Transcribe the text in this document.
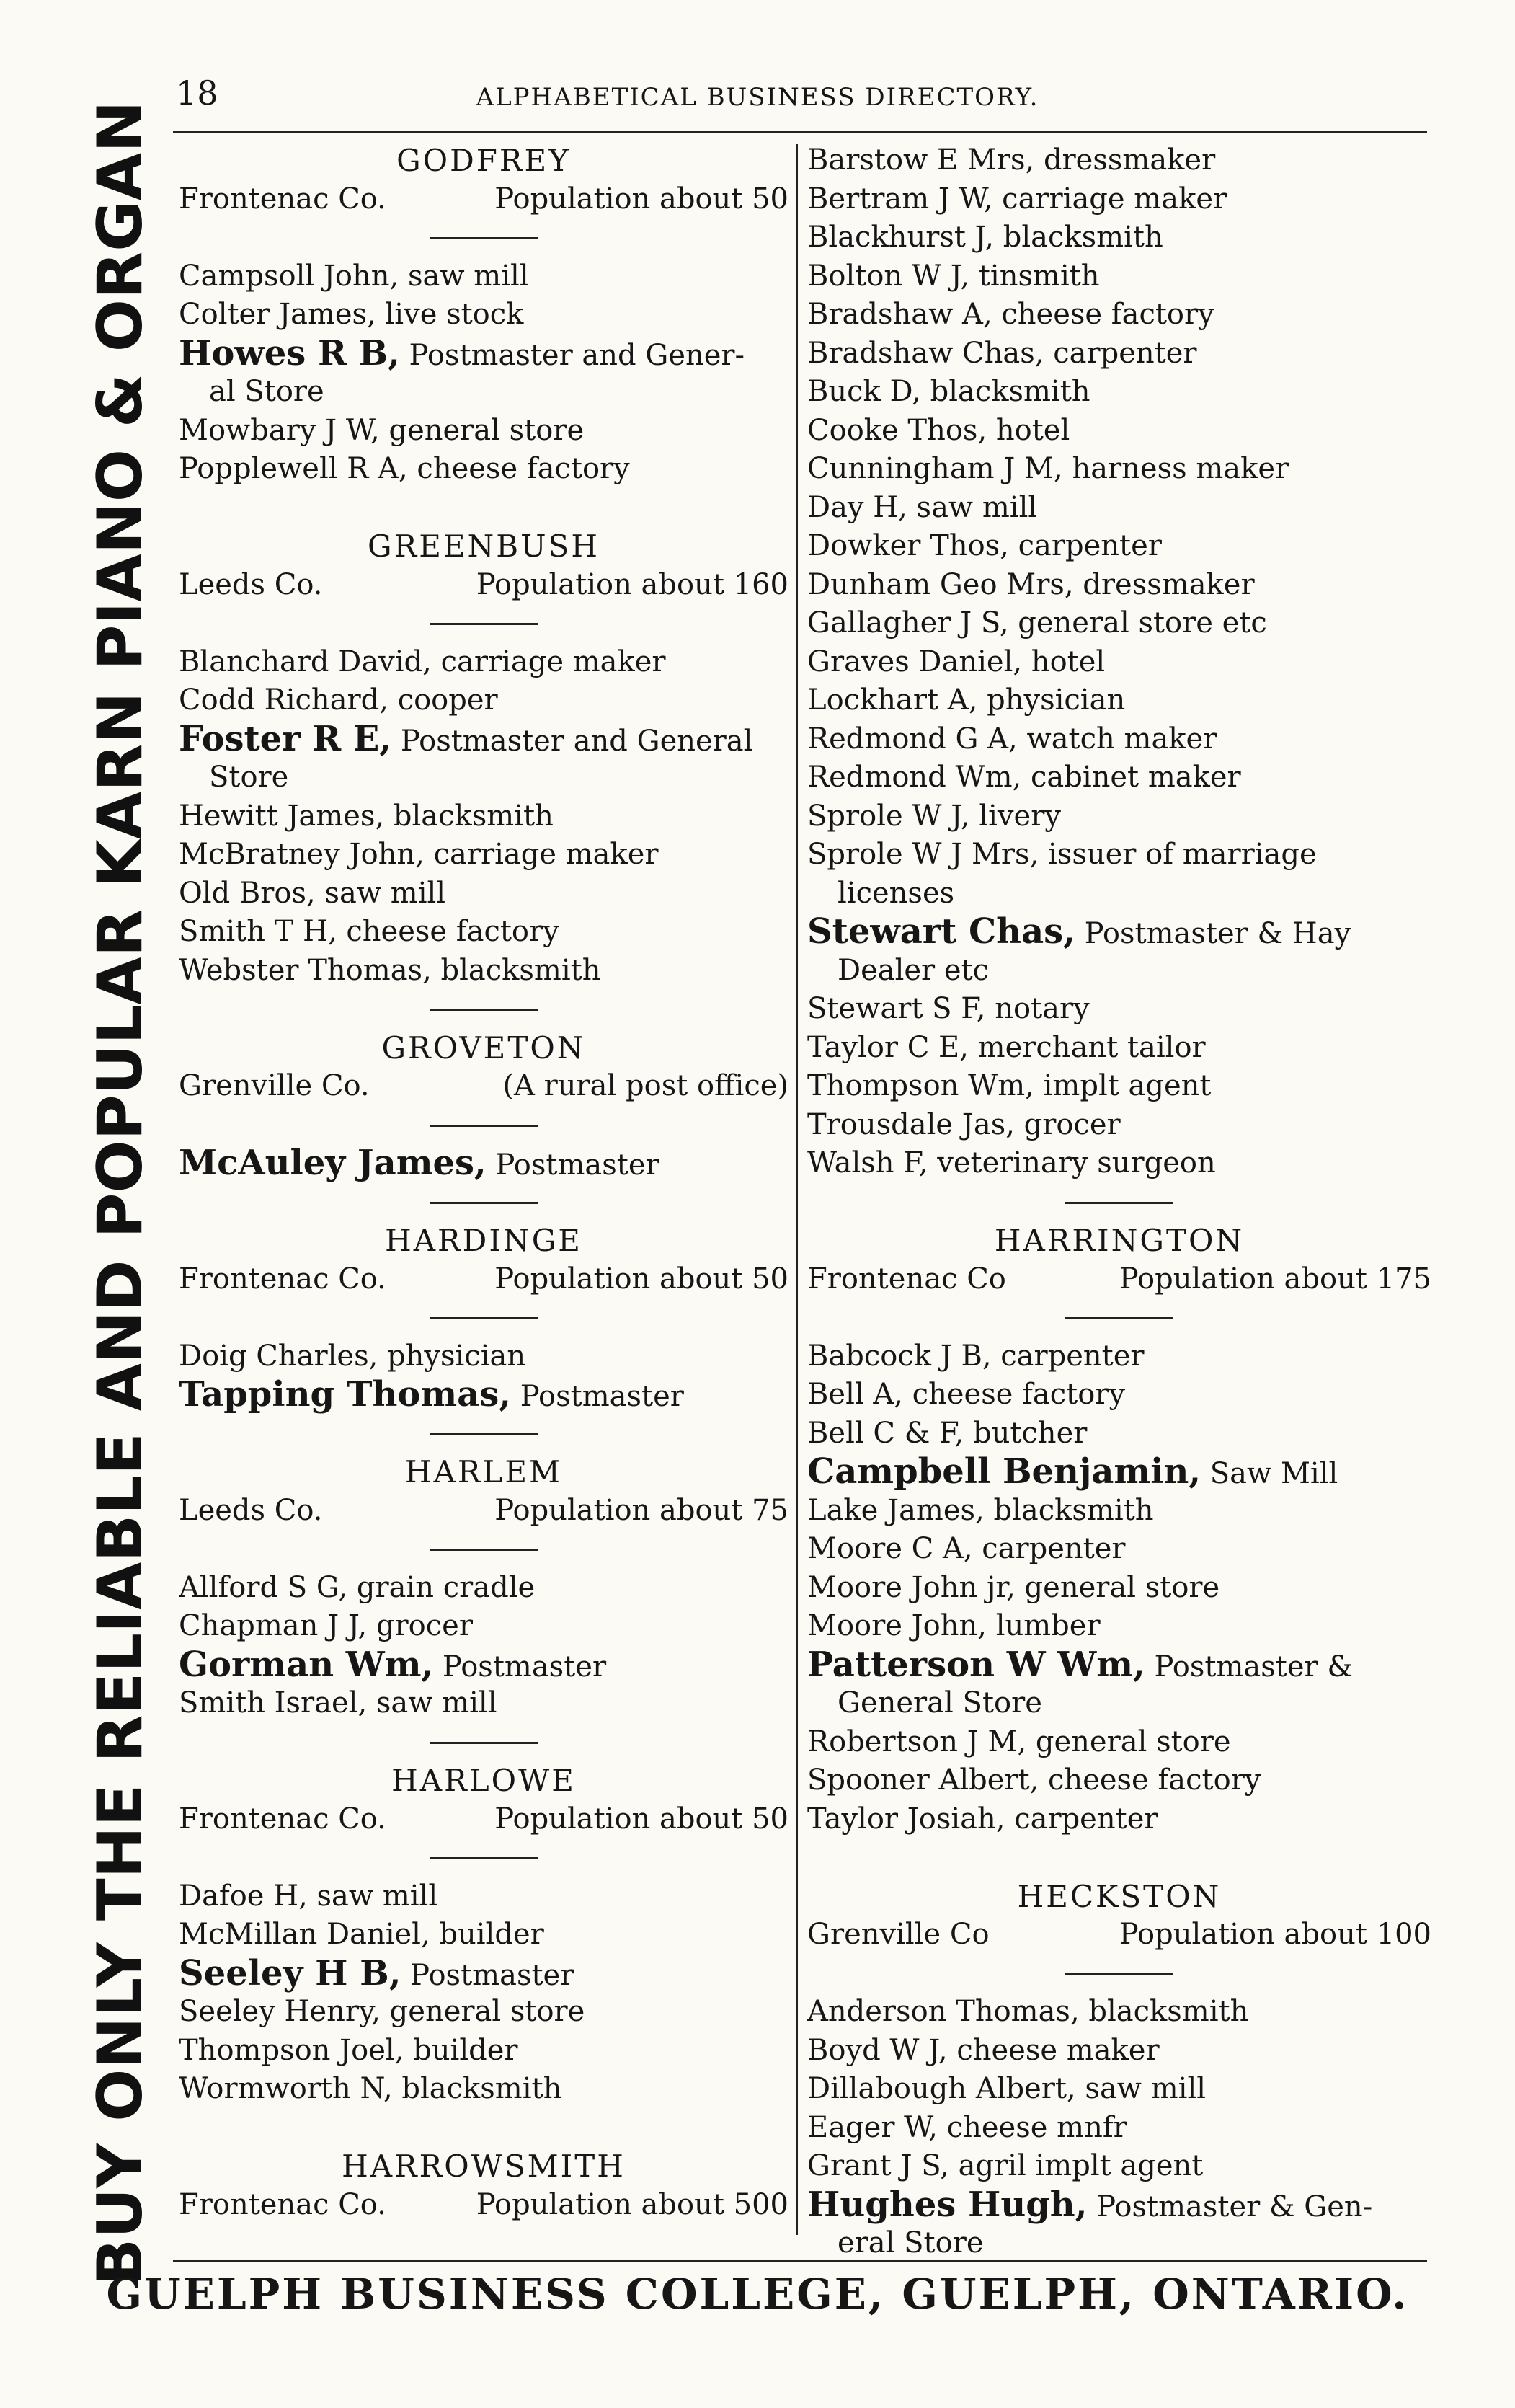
BUY ONLY THE RELIABLE AND POPULAR KARN PIANO & ORGAN
18	ALPHABETICAL BUSINESS DIRECTORY.
GODFREY
Frontenac Co.	Population about 50
Campsoll John, saw mill
Colter James, live stock
Howes R B, Postmaster and Gener-
al Store
Mowbary J W, general store
Popplewell R A, cheese factory
GREENBUSH
Leeds Co.	Population about 160
Blanchard David, carriage maker
Codd Richard, cooper
Foster R E, Postmaster and General
Store
Hewitt James, blacksmith
McBratney John, carriage maker
Old Bros, saw mill
Smith T H, cheese factory
Webster Thomas, blacksmith
GROVETON
Grenville Co.	(A rural post office)
McAuley James, Postmaster
HARDINGE
Frontenac Co.	Population about 50
Doig Charles, physician
Tapping Thomas, Postmaster
HARLEM
Leeds Co.	Population about 75
Allford S G, grain cradle
Chapman J J, grocer
Gorman Wm, Postmaster
Smith Israel, saw mill
HARLOWE
Frontenac Co.	Population about 50
Dafoe H, saw mill
McMillan Daniel, builder
Seeley H B, Postmaster
Seeley Henry, general store
Thompson Joel, builder
Wormworth N, blacksmith
HARROWSMITH
Frontenac Co.	Population about 500
Barstow E Mrs, dressmaker
Bertram J W, carriage maker
Blackhurst J, blacksmith
Bolton W J, tinsmith
Bradshaw A, cheese factory
Bradshaw Chas, carpenter
Buck D, blacksmith
Cooke Thos, hotel
Cunningham J M, harness maker
Day H, saw mill
Dowker Thos, carpenter
Dunham Geo Mrs, dressmaker
Gallagher J S, general store etc
Graves Daniel, hotel
Lockhart A, physician
Redmond G A, watch maker
Redmond Wm, cabinet maker
Sprole W J, livery
Sprole W J Mrs, issuer of marriage
licenses
Stewart Chas, Postmaster & Hay
Dealer etc
Stewart S F, notary
Taylor C E, merchant tailor
Thompson Wm, implt agent
Trousdale Jas, grocer
Walsh F, veterinary surgeon
HARRINGTON
Frontenac Co	Population about 175
Babcock J B, carpenter
Bell A, cheese factory
Bell C & F, butcher
Campbell Benjamin, Saw Mill
Lake James, blacksmith
Moore C A, carpenter
Moore John jr, general store
Moore John, lumber
Patterson W Wm, Postmaster &
General Store
Robertson J M, general store
Spooner Albert, cheese factory
Taylor Josiah, carpenter
HECKSTON
Grenville Co	Population about 100
Anderson Thomas, blacksmith
Boyd W J, cheese maker
Dillabough Albert, saw mill
Eager W, cheese mnfr
Grant J S, agril implt agent
Hughes Hugh, Postmaster & Gen-
eral Store
GUELPH BUSINESS COLLEGE, GUELPH, ONTARIO.
